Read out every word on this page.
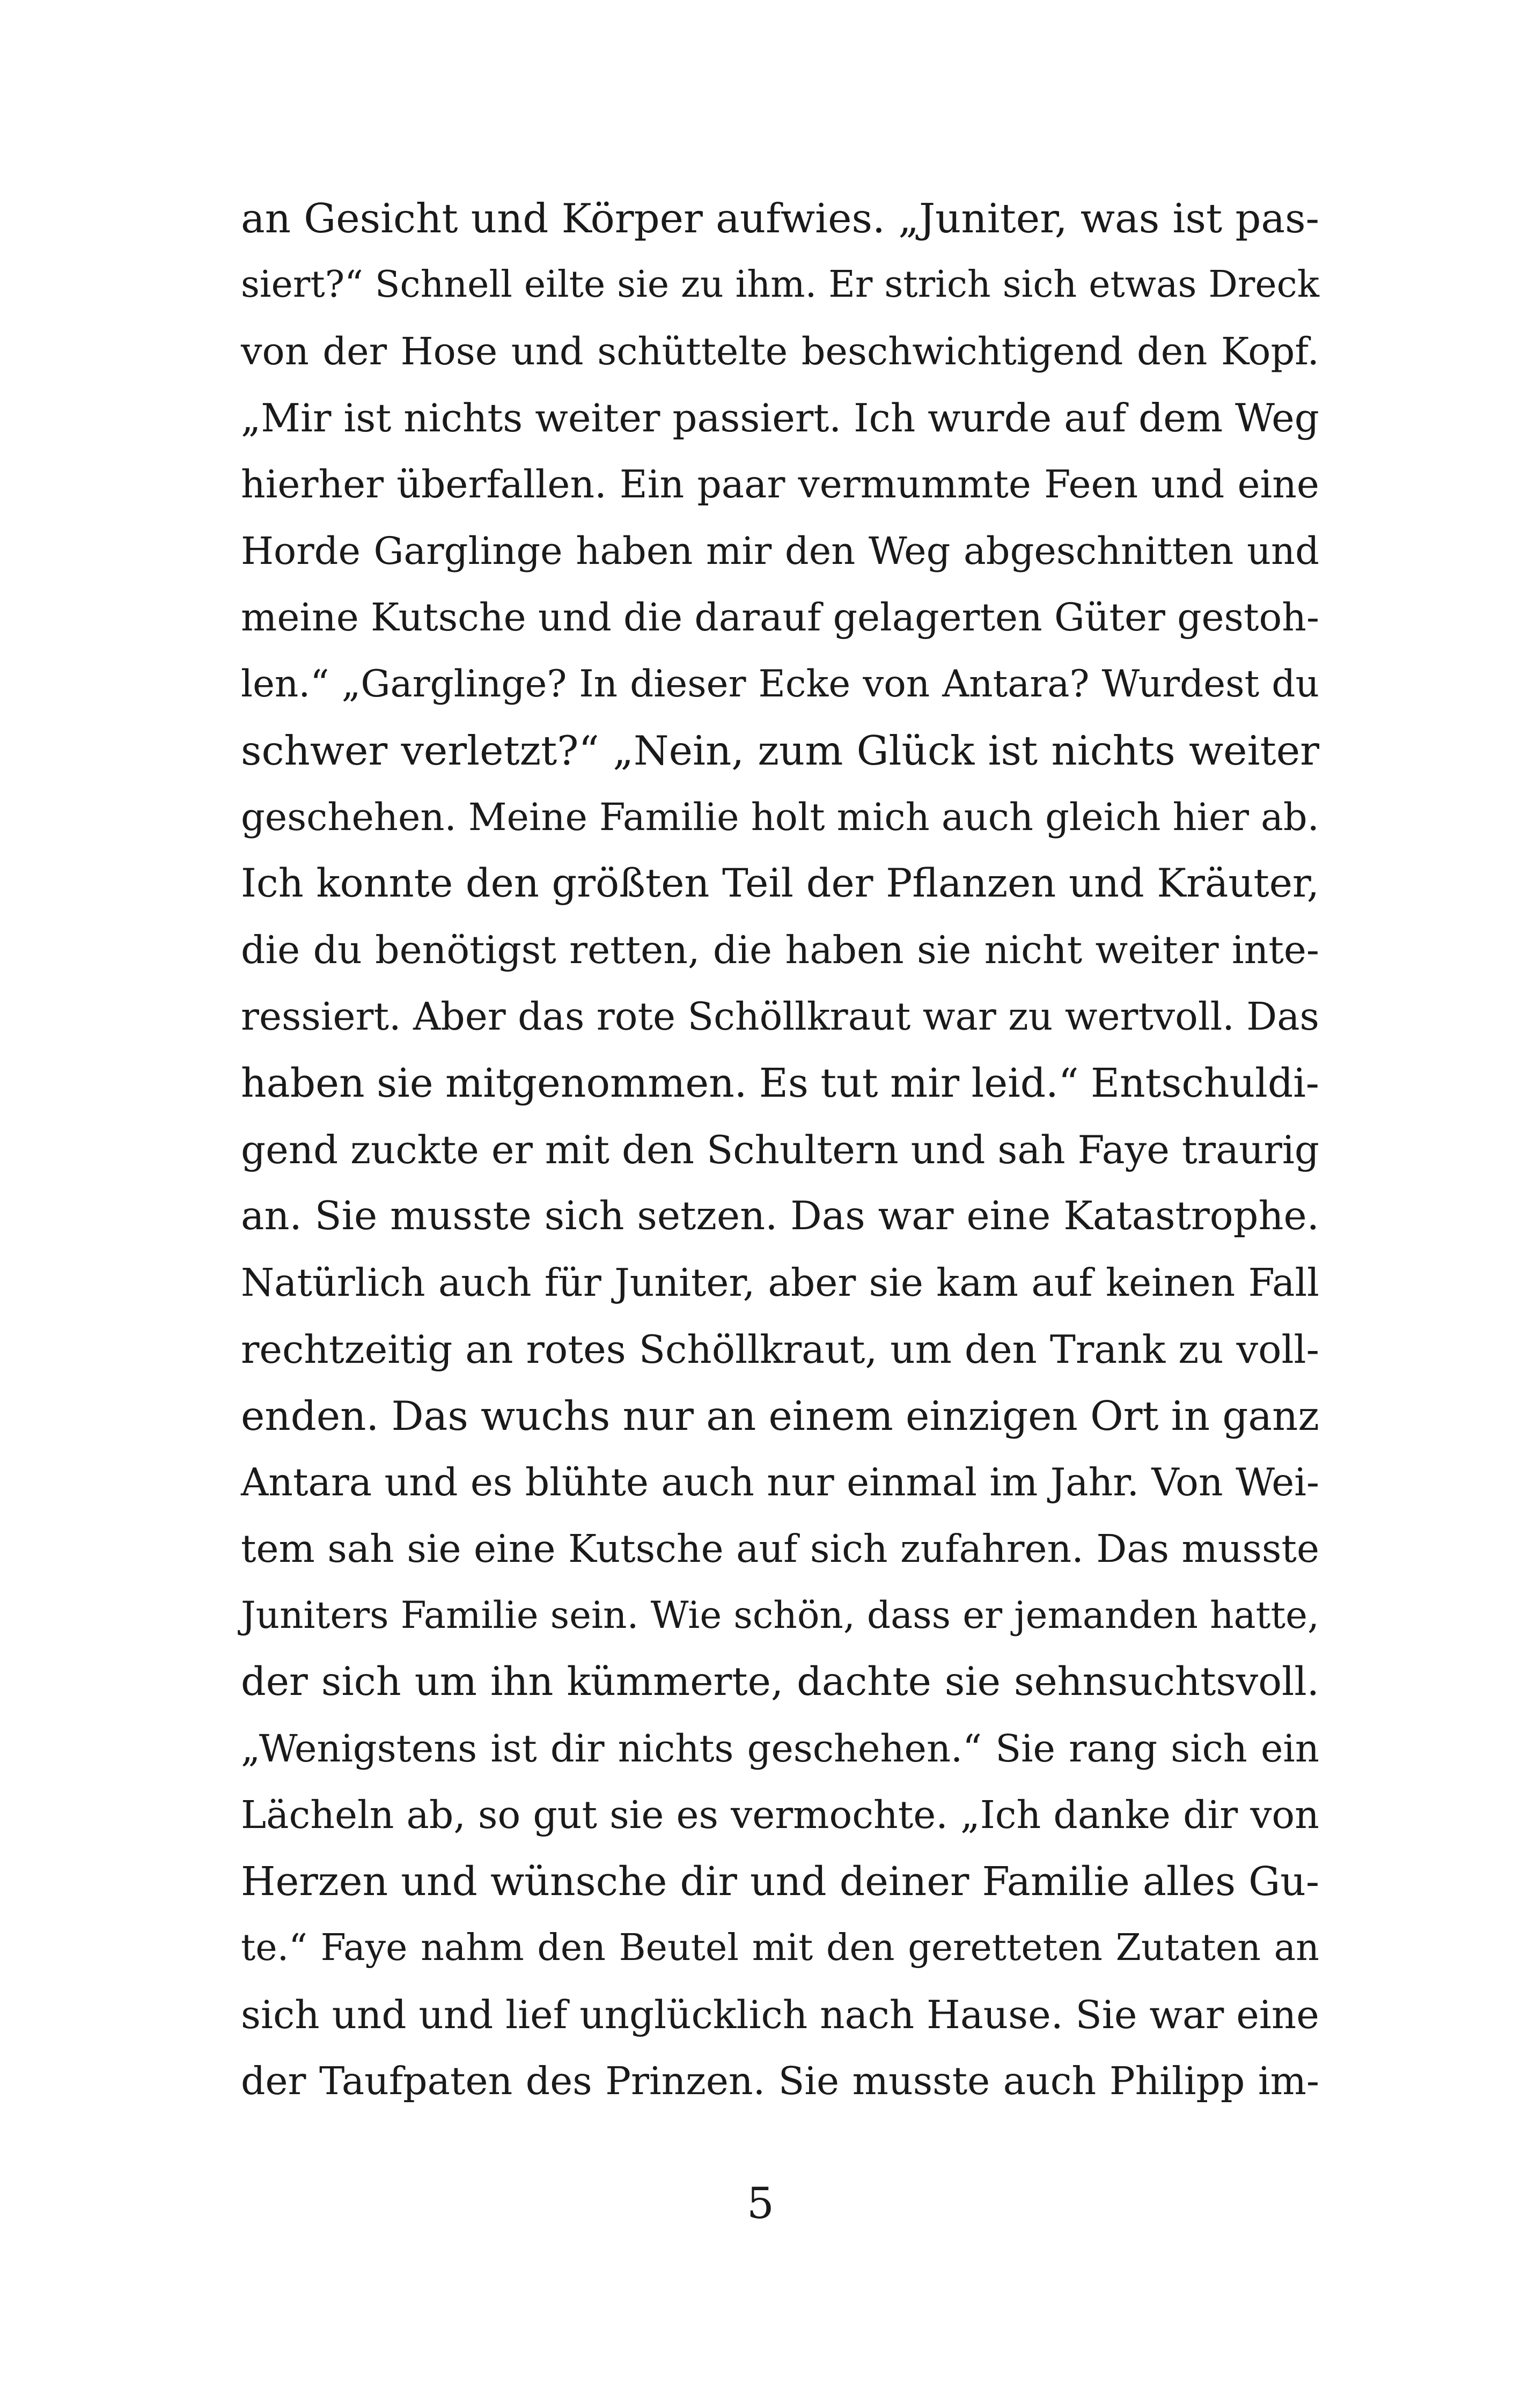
an Gesicht und Körper aufwies. „Juniter, was ist pas-
siert?“ Schnell eilte sie zu ihm. Er strich sich etwas Dreck
von der Hose und schüttelte beschwichtigend den Kopf.
„Mir ist nichts weiter passiert. Ich wurde auf dem Weg
hierher überfallen. Ein paar vermummte Feen und eine
Horde Garglinge haben mir den Weg abgeschnitten und
meine Kutsche und die darauf gelagerten Güter gestoh-
len.“ „Garglinge? In dieser Ecke von Antara? Wurdest du
schwer verletzt?“ „Nein, zum Glück ist nichts weiter
geschehen. Meine Familie holt mich auch gleich hier ab.
Ich konnte den größten Teil der Pflanzen und Kräuter,
die du benötigst retten, die haben sie nicht weiter inte-
ressiert. Aber das rote Schöllkraut war zu wertvoll. Das
haben sie mitgenommen. Es tut mir leid.“ Entschuldi-
gend zuckte er mit den Schultern und sah Faye traurig
an. Sie musste sich setzen. Das war eine Katastrophe.
Natürlich auch für Juniter, aber sie kam auf keinen Fall
rechtzeitig an rotes Schöllkraut, um den Trank zu voll-
enden. Das wuchs nur an einem einzigen Ort in ganz
Antara und es blühte auch nur einmal im Jahr. Von Wei-
tem sah sie eine Kutsche auf sich zufahren. Das musste
Juniters Familie sein. Wie schön, dass er jemanden hatte,
der sich um ihn kümmerte, dachte sie sehnsuchtsvoll.
„Wenigstens ist dir nichts geschehen.“ Sie rang sich ein
Lächeln ab, so gut sie es vermochte. „Ich danke dir von
Herzen und wünsche dir und deiner Familie alles Gu-
te.“ Faye nahm den Beutel mit den geretteten Zutaten an
sich und und lief unglücklich nach Hause. Sie war eine
der Taufpaten des Prinzen. Sie musste auch Philipp im-
5
